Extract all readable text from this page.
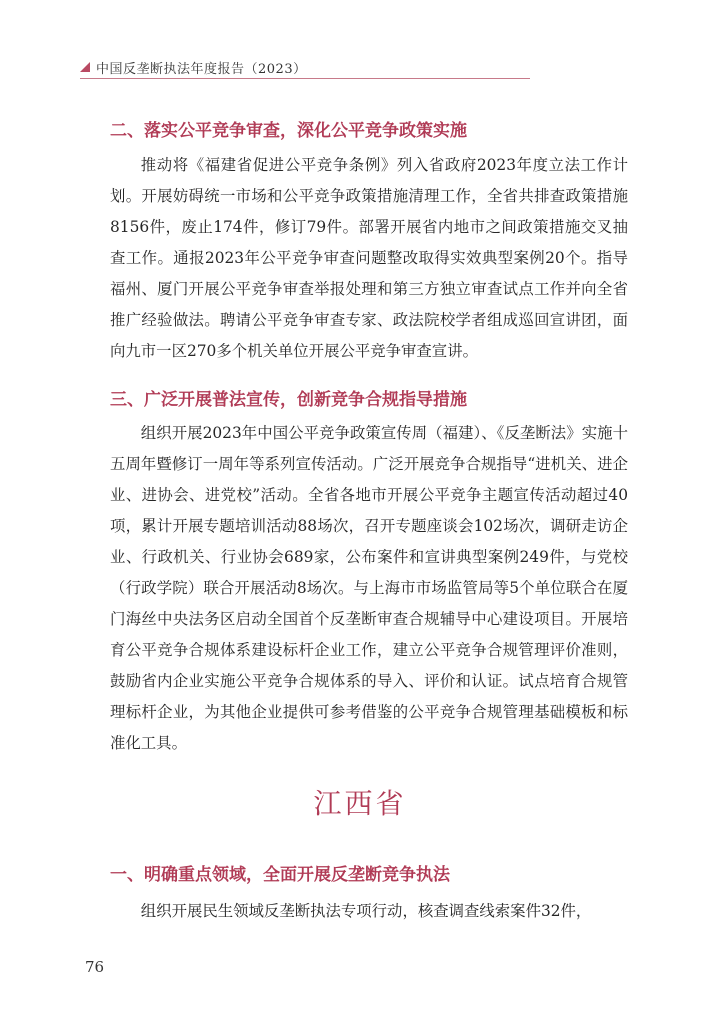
中国反垄断执法年度报告（2023）
二、落实公平竞争审查，深化公平竞争政策实施

推动将《福建省促进公平竞争条例》列入省政府2023年度立法工作计划。开展妨碍统一市场和公平竞争政策措施清理工作，全省共排查政策措施8156件，废止174件，修订79件。部署开展省内地市之间政策措施交叉抽查工作。通报2023年公平竞争审查问题整改取得实效典型案例20个。指导福州、厦门开展公平竞争审查举报处理和第三方独立审查试点工作并向全省推广经验做法。聘请公平竞争审查专家、政法院校学者组成巡回宣讲团，面向九市一区270多个机关单位开展公平竞争审查宣讲。

三、广泛开展普法宣传，创新竞争合规指导措施

组织开展2023年中国公平竞争政策宣传周（福建）、《反垄断法》实施十五周年暨修订一周年等系列宣传活动。广泛开展竞争合规指导“进机关、进企业、进协会、进党校”活动。全省各地市开展公平竞争主题宣传活动超过40项，累计开展专题培训活动88场次，召开专题座谈会102场次，调研走访企业、行政机关、行业协会689家，公布案件和宣讲典型案例249件，与党校（行政学院）联合开展活动8场次。与上海市市场监管局等5个单位联合在厦门海丝中央法务区启动全国首个反垄断审查合规辅导中心建设项目。开展培育公平竞争合规体系建设标杆企业工作，建立公平竞争合规管理评价准则，鼓励省内企业实施公平竞争合规体系的导入、评价和认证。试点培育合规管理标杆企业，为其他企业提供可参考借鉴的公平竞争合规管理基础模板和标准化工具。

江西省
一、明确重点领域，全面开展反垄断竞争执法

组织开展民生领域反垄断执法专项行动，核查调查线索案件32件，

76
